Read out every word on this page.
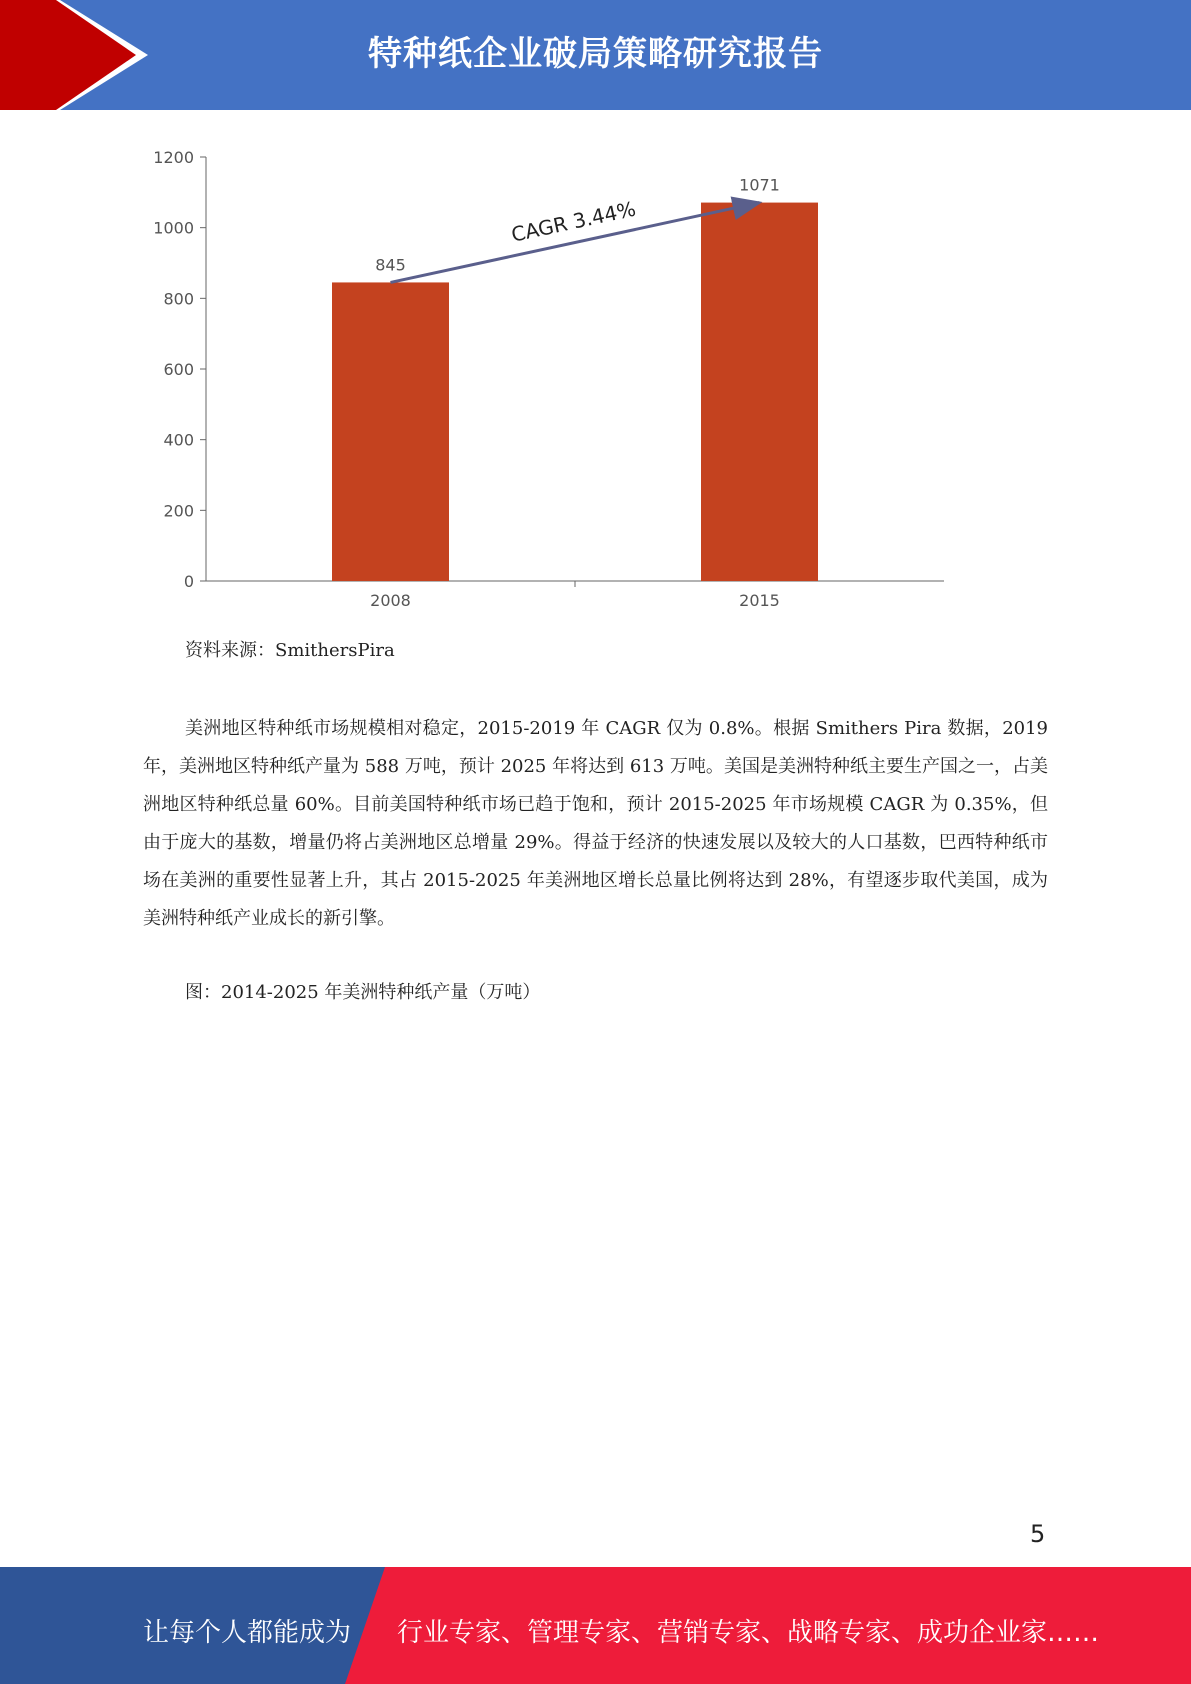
特种纸企业破局策略研究报告
0
200
400
600
800
1000
1200
2008	2015
845
1071
CAGR 3.44%
资料来源：SmithersPira

美洲地区特种纸市场规模相对稳定，2015-2019 年 CAGR 仅为 0.8%。根据 Smithers Pira 数据，2019 年，美洲地区特种纸产量为 588 万吨，预计 2025 年将达到 613 万吨。美国是美洲特种纸主要生产国之一，占美洲地区特种纸总量 60%。目前美国特种纸市场已趋于饱和，预计 2015-2025 年市场规模 CAGR 为 0.35%，但由于庞大的基数，增量仍将占美洲地区总增量 29%。得益于经济的快速发展以及较大的人口基数，巴西特种纸市场在美洲的重要性显著上升，其占 2015-2025 年美洲地区增长总量比例将达到 28%，有望逐步取代美国，成为美洲特种纸产业成长的新引擎。

图：2014-2025 年美洲特种纸产量（万吨）
5
让每个人都能成为 行业专家、管理专家、营销专家、战略专家、成功企业家……
